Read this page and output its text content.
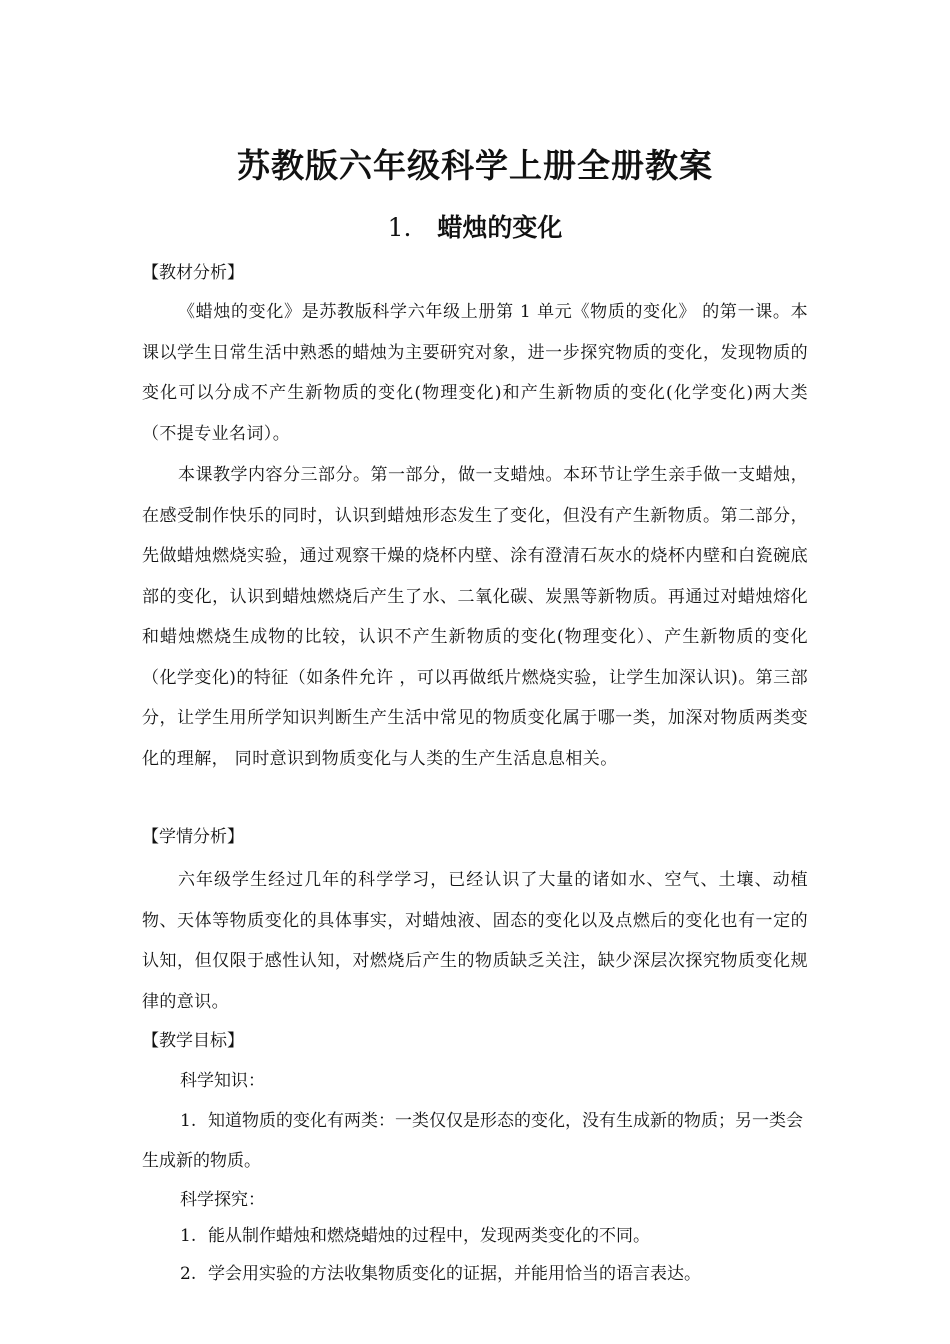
苏教版六年级科学上册全册教案
1. 蜡烛的变化
【教材分析】
《蜡烛的变化》是苏教版科学六年级上册第 1 单元《物质的变化》 的第一课。本课以学生日常生活中熟悉的蜡烛为主要研究对象，进一步探究物质的变化，发现物质的变化可以分成不产生新物质的变化(物理变化)和产生新物质的变化(化学变化)两大类（不提专业名词）。
本课教学内容分三部分。第一部分，做一支蜡烛。本环节让学生亲手做一支蜡烛，在感受制作快乐的同时，认识到蜡烛形态发生了变化，但没有产生新物质。第二部分，先做蜡烛燃烧实验，通过观察干燥的烧杯内壁、涂有澄清石灰水的烧杯内壁和白瓷碗底部的变化，认识到蜡烛燃烧后产生了水、二氧化碳、炭黑等新物质。再通过对蜡烛熔化和蜡烛燃烧生成物的比较，认识不产生新物质的变化(物理变化）、产生新物质的变化（化学变化)的特征（如条件允许 ，可以再做纸片燃烧实验，让学生加深认识)。第三部分，让学生用所学知识判断生产生活中常见的物质变化属于哪一类，加深对物质两类变化的理解， 同时意识到物质变化与人类的生产生活息息相关。
【学情分析】
六年级学生经过几年的科学学习，已经认识了大量的诸如水、空气、土壤、动植物、天体等物质变化的具体事实，对蜡烛液、固态的变化以及点燃后的变化也有一定的认知，但仅限于感性认知，对燃烧后产生的物质缺乏关注，缺少深层次探究物质变化规律的意识。
【教学目标】
科学知识：
1. 知道物质的变化有两类：一类仅仅是形态的变化，没有生成新的物质；另一类会生成新的物质。
科学探究：
1. 能从制作蜡烛和燃烧蜡烛的过程中，发现两类变化的不同。
2. 学会用实验的方法收集物质变化的证据，并能用恰当的语言表达。
